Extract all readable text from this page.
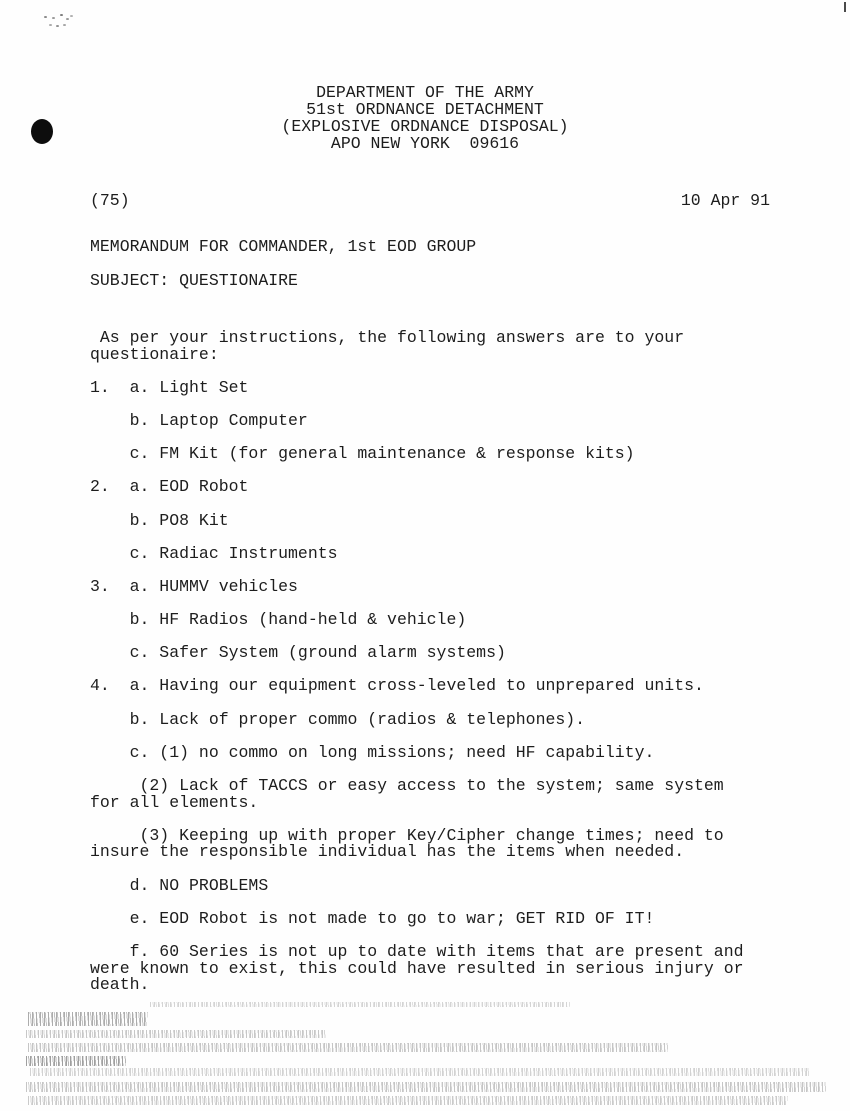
DEPARTMENT OF THE ARMY
51st ORDNANCE DETACHMENT
(EXPLOSIVE ORDNANCE DISPOSAL)
APO NEW YORK  09616
(75)	10 Apr 91
MEMORANDUM FOR COMMANDER, 1st EOD GROUP
SUBJECT: QUESTIONAIRE
As per your instructions, the following answers are to your
questionaire:
1.  a. Light Set
b. Laptop Computer
c. FM Kit (for general maintenance & response kits)
2.  a. EOD Robot
b. PO8 Kit
c. Radiac Instruments
3.  a. HUMMV vehicles
b. HF Radios (hand-held & vehicle)
c. Safer System (ground alarm systems)
4.  a. Having our equipment cross-leveled to unprepared units.
b. Lack of proper commo (radios & telephones).
c. (1) no commo on long missions; need HF capability.
(2) Lack of TACCS or easy access to the system; same system
for all elements.
(3) Keeping up with proper Key/Cipher change times; need to
insure the responsible individual has the items when needed.
d. NO PROBLEMS
e. EOD Robot is not made to go to war; GET RID OF IT!
f. 60 Series is not up to date with items that are present and
were known to exist, this could have resulted in serious injury or
death.
